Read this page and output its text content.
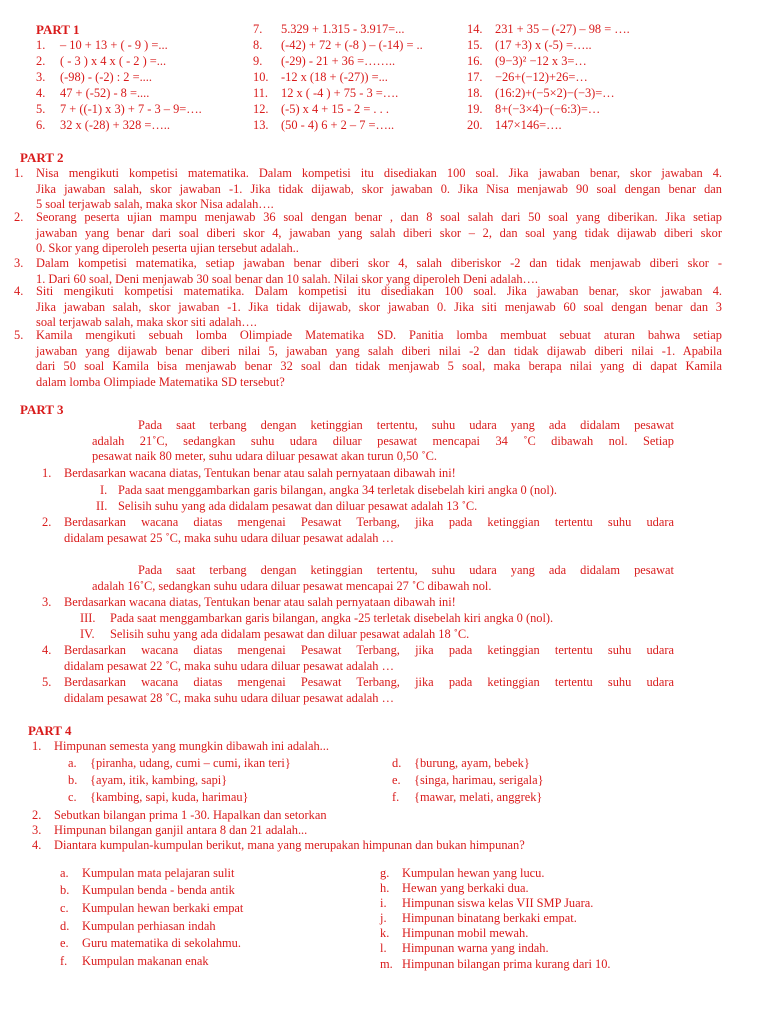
PART 1
1. – 10 + 13 + ( - 9 ) =...
2. ( - 3 ) x 4 x ( - 2 ) =...
3. (-98) - (-2) : 2 =....
4. 47 + (-52) - 8 =....
5. 7 + ((-1) x 3) + 7 - 3 – 9=….
6. 32 x (-28) + 328 =…..
7. 5.329 + 1.315 - 3.917=...
8. (-42) + 72 + (-8 ) – (-14) = ..
9. (-29) - 21 + 36 =……..
10. -12 x (18 + (-27)) =...
11. 12 x ( -4 ) + 75 - 3 =….
12. (-5) x 4 + 15 - 2 = . . .
13. (50 - 4) 6 + 2 – 7 =…..
14. 231 + 35 – (-27) – 98 = ….
15. (17 +3) x (-5) =…..
16. (9−3)² −12 x 3=…
17. −26+(−12)+26=…
18. (16:2)+(−5×2)−(−3)=…
19. 8+(−3×4)−(−6:3)=…
20. 147×146=….
PART 2
1. Nisa mengikuti kompetisi matematika. Dalam kompetisi itu disediakan 100 soal. Jika jawaban benar, skor jawaban 4.
Jika jawaban salah, skor jawaban -1. Jika tidak dijawab, skor jawaban 0. Jika Nisa menjawab 90 soal dengan benar dan
5 soal terjawab salah, maka skor Nisa adalah….
2. Seorang peserta ujian mampu menjawab 36 soal dengan benar , dan 8 soal salah dari 50 soal yang diberikan. Jika setiap
jawaban yang benar dari soal diberi skor 4, jawaban yang salah diberi skor – 2, dan soal yang tidak dijawab diberi skor
0. Skor yang diperoleh peserta ujian tersebut adalah..
3. Dalam kompetisi matematika, setiap jawaban benar diberi skor 4, salah diberiskor -2 dan tidak menjawab diberi skor -
1. Dari 60 soal, Deni menjawab 30 soal benar dan 10 salah. Nilai skor yang diperoleh Deni adalah….
4. Siti mengikuti kompetisi matematika. Dalam kompetisi itu disediakan 100 soal. Jika jawaban benar, skor jawaban 4.
Jika jawaban salah, skor jawaban -1. Jika tidak dijawab, skor jawaban 0. Jika siti menjawab 60 soal dengan benar dan 3
soal terjawab salah, maka skor siti adalah….
5. Kamila mengikuti sebuah lomba Olimpiade Matematika SD. Panitia lomba membuat sebuat aturan bahwa setiap
jawaban yang dijawab benar diberi nilai 5, jawaban yang salah diberi nilai -2 dan tidak dijawab diberi nilai -1. Apabila
dari 50 soal Kamila bisa menjawab benar 32 soal dan tidak menjawab 5 soal, maka berapa nilai yang di dapat Kamila
dalam lomba Olimpiade Matematika SD tersebut?
PART 3
Pada saat terbang dengan ketinggian tertentu, suhu udara yang ada didalam pesawat
adalah 21˚C, sedangkan suhu udara diluar pesawat mencapai 34 ˚C dibawah nol. Setiap
pesawat naik 80 meter, suhu udara diluar pesawat akan turun 0,50 ˚C.
1. Berdasarkan wacana diatas, Tentukan benar atau salah pernyataan dibawah ini!
I. Pada saat menggambarkan garis bilangan, angka 34 terletak disebelah kiri angka 0 (nol).
II. Selisih suhu yang ada didalam pesawat dan diluar pesawat adalah 13 ˚C.
2. Berdasarkan wacana diatas mengenai Pesawat Terbang, jika pada ketinggian tertentu suhu udara
didalam pesawat 25 ˚C, maka suhu udara diluar pesawat adalah …
Pada saat terbang dengan ketinggian tertentu, suhu udara yang ada didalam pesawat
adalah 16˚C, sedangkan suhu udara diluar pesawat mencapai 27 ˚C dibawah nol.
3. Berdasarkan wacana diatas, Tentukan benar atau salah pernyataan dibawah ini!
III. Pada saat menggambarkan garis bilangan, angka -25 terletak disebelah kiri angka 0 (nol).
IV. Selisih suhu yang ada didalam pesawat dan diluar pesawat adalah 18 ˚C.
4. Berdasarkan wacana diatas mengenai Pesawat Terbang, jika pada ketinggian tertentu suhu udara
didalam pesawat 22 ˚C, maka suhu udara diluar pesawat adalah …
5. Berdasarkan wacana diatas mengenai Pesawat Terbang, jika pada ketinggian tertentu suhu udara
didalam pesawat 28 ˚C, maka suhu udara diluar pesawat adalah …
PART 4
1. Himpunan semesta yang mungkin dibawah ini adalah...
a. {piranha, udang, cumi – cumi, ikan teri}
b. {ayam, itik, kambing, sapi}
c. {kambing, sapi, kuda, harimau}
d. {burung, ayam, bebek}
e. {singa, harimau, serigala}
f. {mawar, melati, anggrek}
2. Sebutkan bilangan prima 1 -30. Hapalkan dan setorkan
3. Himpunan bilangan ganjil antara 8 dan 21 adalah...
4. Diantara kumpulan-kumpulan berikut, mana yang merupakan himpunan dan bukan himpunan?
a. Kumpulan mata pelajaran sulit
b. Kumpulan benda - benda antik
c. Kumpulan hewan berkaki empat
d. Kumpulan perhiasan indah
e. Guru matematika di sekolahmu.
f. Kumpulan makanan enak
g. Kumpulan hewan yang lucu.
h. Hewan yang berkaki dua.
i. Himpunan siswa kelas VII SMP Juara.
j. Himpunan binatang berkaki empat.
k. Himpunan mobil mewah.
l. Himpunan warna yang indah.
m. Himpunan bilangan prima kurang dari 10.
